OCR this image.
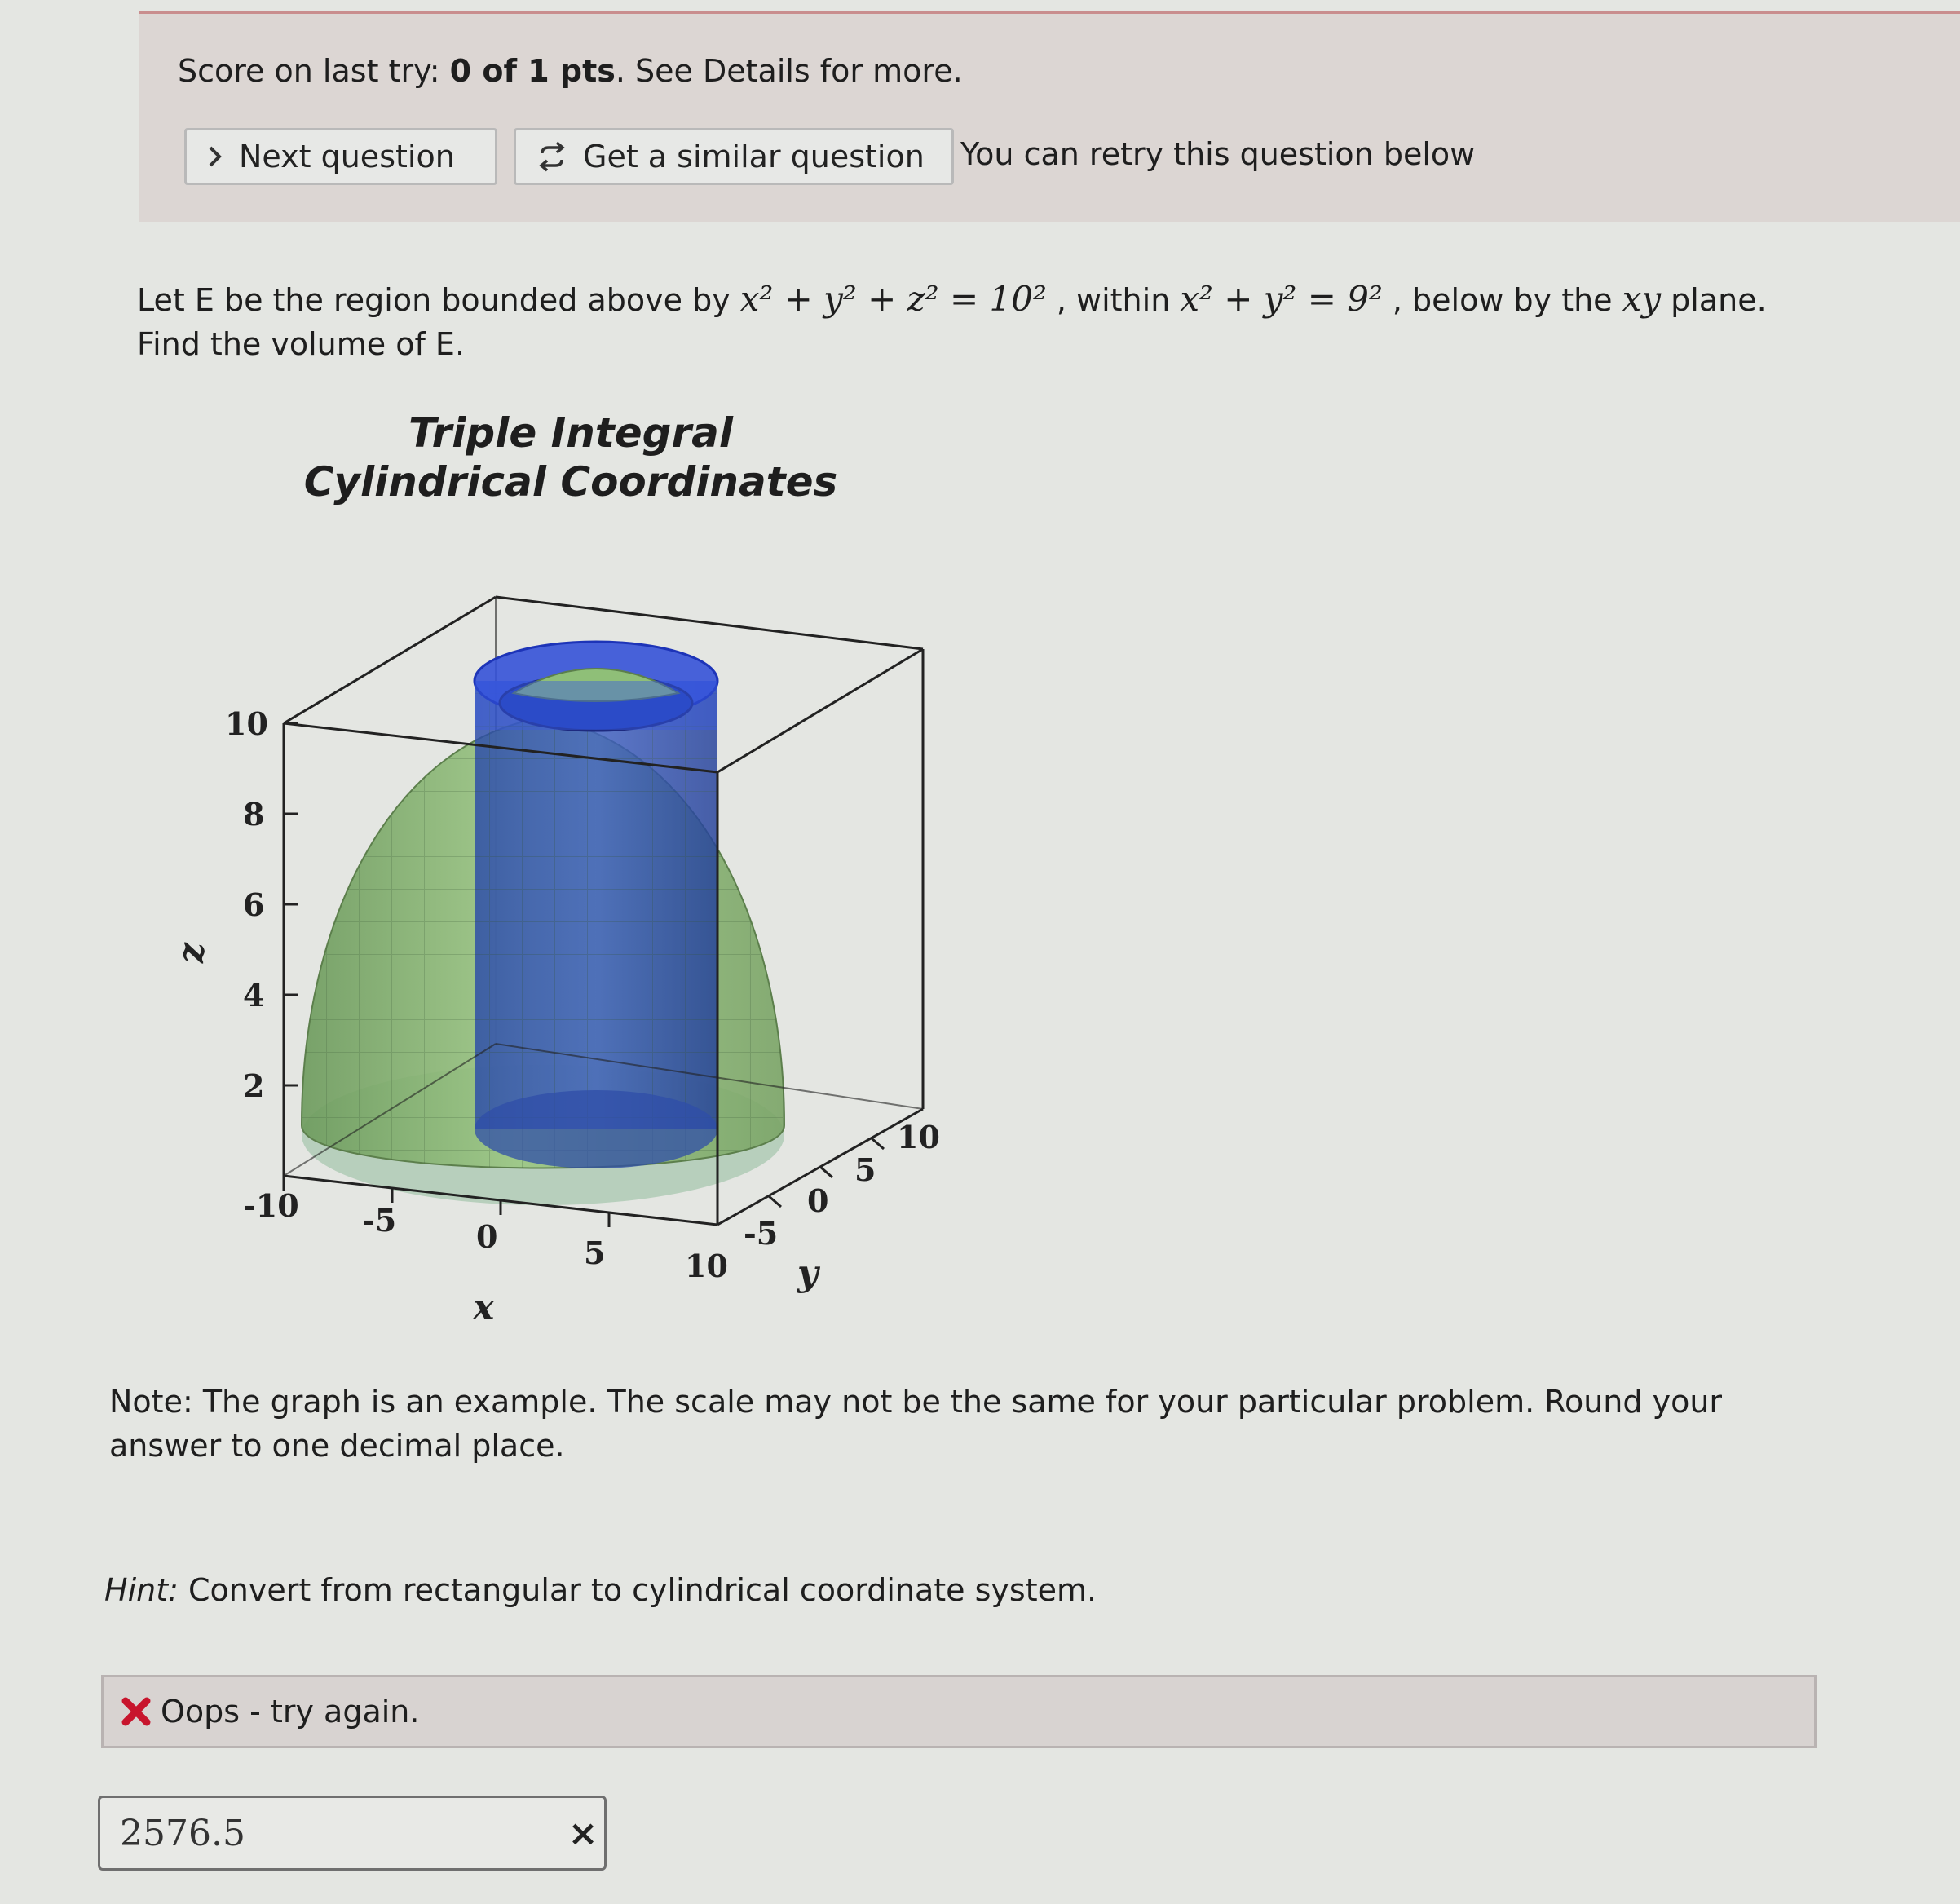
Score on last try: 0 of 1 pts. See Details for more.
Next question	Get a similar question You can retry this question below
Let E be the region bounded above by x² + y² + z² = 10² , within x² + y² = 9² , below by the xy plane.
Find the volume of E.
Triple Integral
Cylindrical Coordinates
10
8
6
4
2
z
-10 -5	0	5	10
x
-5
0
5
10
y
Note: The graph is an example. The scale may not be the same for your particular problem. Round your answer to one decimal place.
Hint: Convert from rectangular to cylindrical coordinate system.
Oops - try again.
2576.5
×
